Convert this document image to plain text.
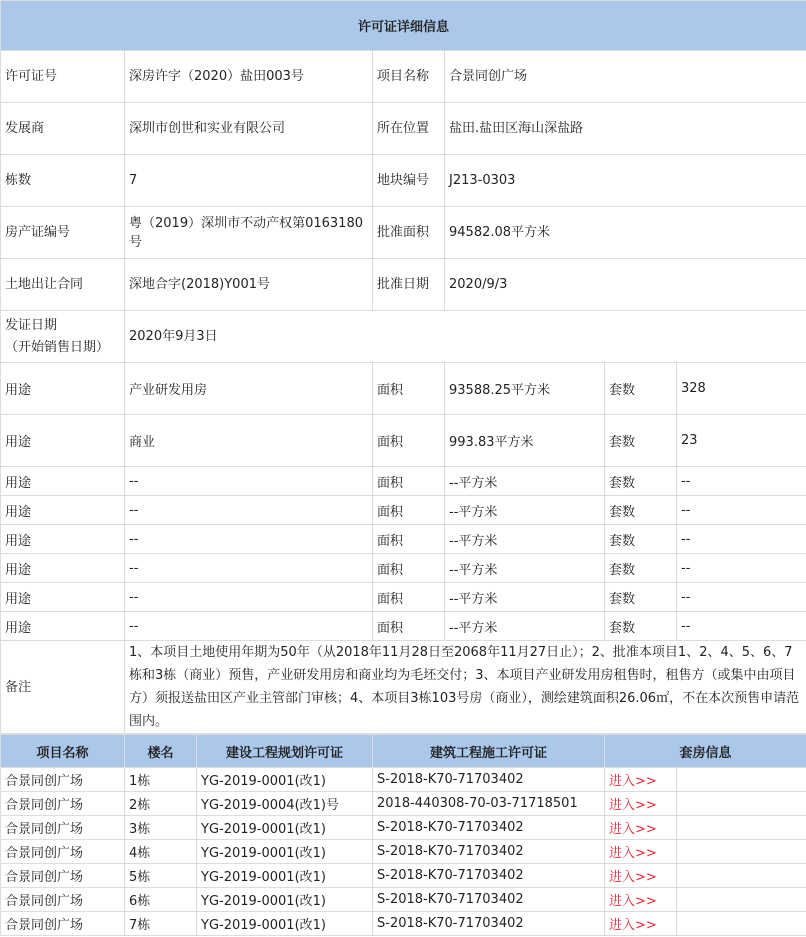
许可证详细信息					
许可证号	深房许字（2020）盐田003号	项目名称	合景同创广场		
发展商	深圳市创世和实业有限公司	所在位置	盐田.盐田区海山深盐路		
栋数	7	地块编号	J213-0303		
房产证编号	粤（2019）深圳市不动产权第0163180号	批准面积	94582.08平方米		
土地出让合同	深地合字(2018)Y001号	批准日期	2020/9/3		

发证日期
（开始销售日期）	2020年9月3日				
用途	产业研发用房	面积	93588.25平方米	套数	328
用途	商业	面积	993.83平方米	套数	23
用途	--	面积	--平方米	套数	--
用途	--	面积	--平方米	套数	--
用途	--	面积	--平方米	套数	--
用途	--	面积	--平方米	套数	--
用途	--	面积	--平方米	套数	--
用途	--	面积	--平方米	套数	--
备注	1、本项目土地使用年期为50年（从2018年11月28日至2068年11月27日止）；2、批准本项目1、2、4、5、6、7栋和3栋（商业）预售，产业研发用房和商业均为毛坯交付；3、本项目产业研发用房租售时，租售方（或集中由项目方）须报送盐田区产业主管部门审核；4、本项目3栋103号房（商业），测绘建筑面积26.06㎡，不在本次预售申请范围内。				
项目名称	楼名	建设工程规划许可证	建筑工程施工许可证	套房信息	
合景同创广场	1栋	YG-2019-0001(改1)	S-2018-K70-71703402	进入>>	
合景同创广场	2栋	YG-2019-0004(改1)号	2018-440308-70-03-71718501	进入>>	
合景同创广场	3栋	YG-2019-0001(改1)	S-2018-K70-71703402	进入>>	
合景同创广场	4栋	YG-2019-0001(改1)	S-2018-K70-71703402	进入>>	
合景同创广场	5栋	YG-2019-0001(改1)	S-2018-K70-71703402	进入>>	
合景同创广场	6栋	YG-2019-0001(改1)	S-2018-K70-71703402	进入>>	
合景同创广场	7栋	YG-2019-0001(改1)	S-2018-K70-71703402	进入>>	
